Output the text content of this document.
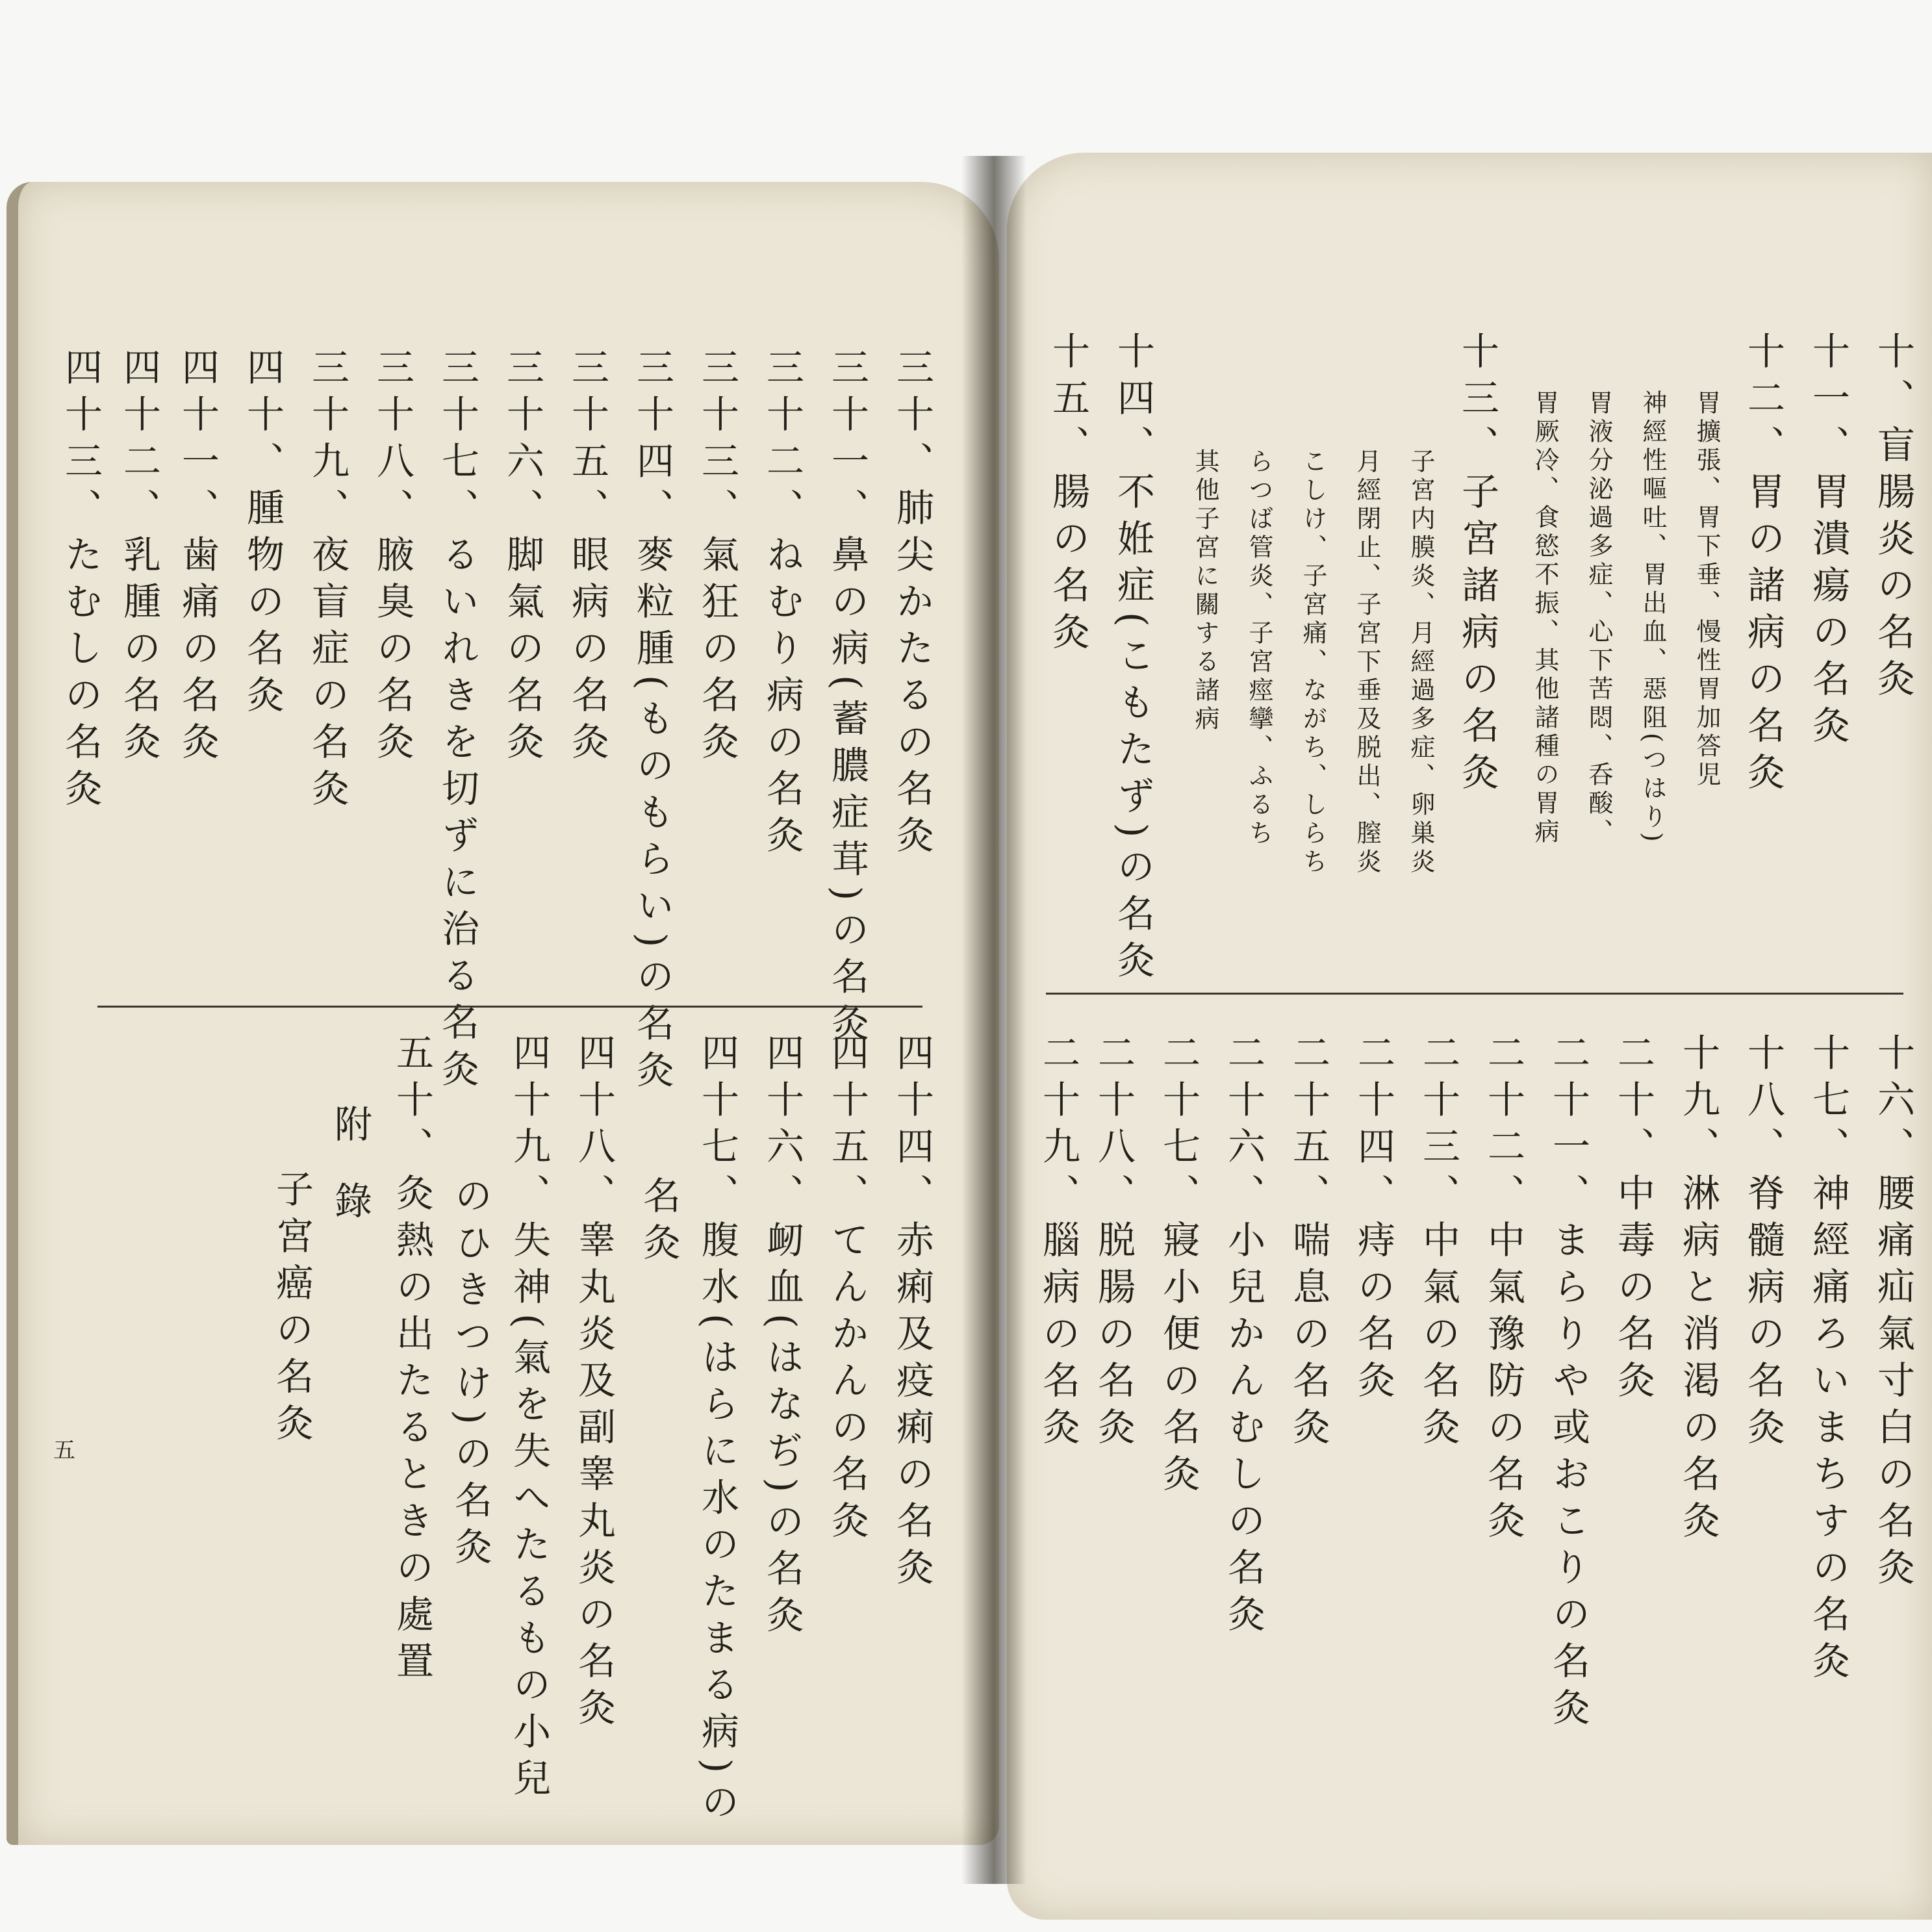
十、盲腸炎の名灸
十一、胃潰瘍の名灸
十二、胃の諸病の名灸
胃擴張、胃下垂、慢性胃加答児
神經性嘔吐、胃出血、惡阻(つはり)
胃液分泌過多症、心下苦悶、呑酸、
胃厥冷、食慾不振、其他諸種の胃病
十三、子宮諸病の名灸
子宮内膜炎、月經過多症、卵巣炎
月經閉止、子宮下垂及脱出、膣炎
こしけ、子宮痛、ながち、しらち
らつば管炎、子宮痙攣、ふるち
其他子宮に關する諸病
十四、不姙症(こもたず)の名灸
十五、腸の名灸
十六、腰痛疝氣寸白の名灸
十七、神經痛ろいまちすの名灸
十八、脊髓病の名灸
十九、淋病と消渇の名灸
二十、中毒の名灸
二十一、まらりや或おこりの名灸
二十二、中氣豫防の名灸
二十三、中氣の名灸
二十四、痔の名灸
二十五、喘息の名灸
二十六、小兒かんむしの名灸
二十七、寢小便の名灸
二十八、脱腸の名灸
二十九、腦病の名灸
三十、肺尖かたるの名灸
三十一、鼻の病(蓄膿症茸)の名灸
三十二、ねむり病の名灸
三十三、氣狂の名灸
三十四、麥粒腫(ものもらい)の名灸
三十五、眼病の名灸
三十六、脚氣の名灸
三十七、るいれきを切ずに治る名灸
三十八、腋臭の名灸
三十九、夜盲症の名灸
四十、腫物の名灸
四十一、歯痛の名灸
四十二、乳腫の名灸
四十三、たむしの名灸
四十四、赤痢及疫痢の名灸
四十五、てんかんの名灸
四十六、衂血(はなぢ)の名灸
四十七、腹水(はらに水のたまる病)の
名灸
四十八、睾丸炎及副睾丸炎の名灸
四十九、失神(氣を失へたるもの小兒
のひきつけ)の名灸
五十、灸熱の出たるときの處置
附錄
子宮癌の名灸
五
